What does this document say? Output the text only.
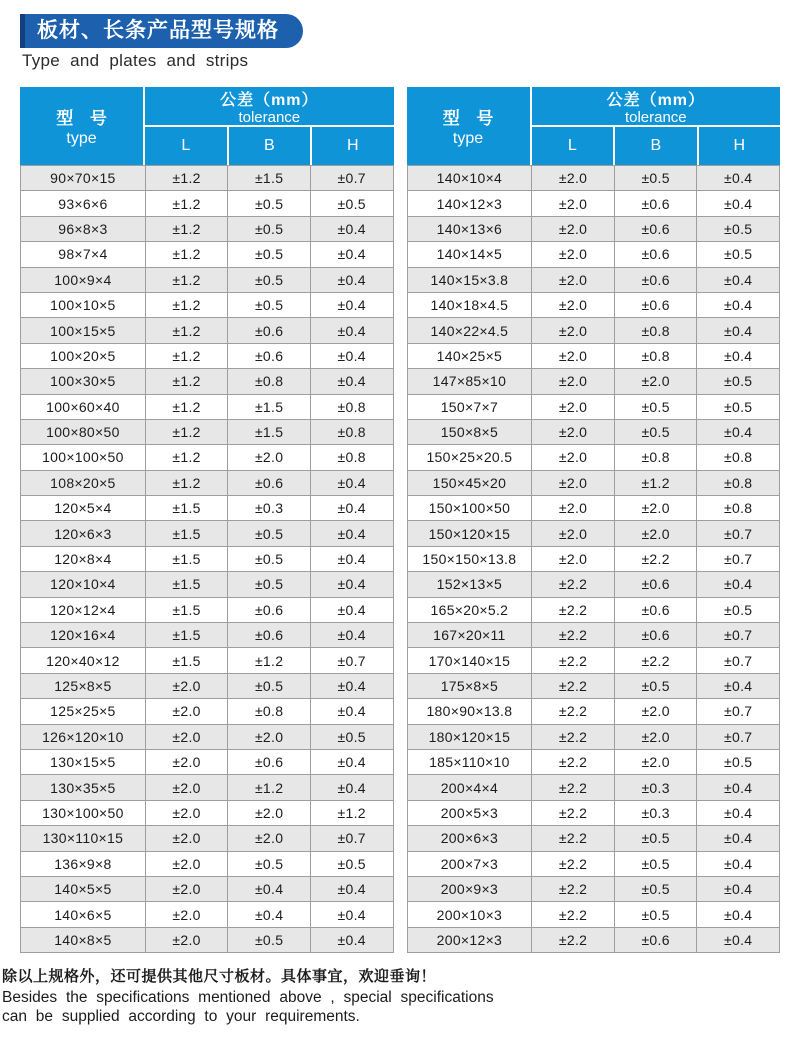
板材、长条产品型号规格
Type and plates and strips
型 号
type
公差（mm）
tolerance
L	B	H
90×70×15	±1.2	±1.5	±0.7
93×6×6	±1.2	±0.5	±0.5
96×8×3	±1.2	±0.5	±0.4
98×7×4	±1.2	±0.5	±0.4
100×9×4	±1.2	±0.5	±0.4
100×10×5	±1.2	±0.5	±0.4
100×15×5	±1.2	±0.6	±0.4
100×20×5	±1.2	±0.6	±0.4
100×30×5	±1.2	±0.8	±0.4
100×60×40	±1.2	±1.5	±0.8
100×80×50	±1.2	±1.5	±0.8
100×100×50	±1.2	±2.0	±0.8
108×20×5	±1.2	±0.6	±0.4
120×5×4	±1.5	±0.3	±0.4
120×6×3	±1.5	±0.5	±0.4
120×8×4	±1.5	±0.5	±0.4
120×10×4	±1.5	±0.5	±0.4
120×12×4	±1.5	±0.6	±0.4
120×16×4	±1.5	±0.6	±0.4
120×40×12	±1.5	±1.2	±0.7
125×8×5	±2.0	±0.5	±0.4
125×25×5	±2.0	±0.8	±0.4
126×120×10	±2.0	±2.0	±0.5
130×15×5	±2.0	±0.6	±0.4
130×35×5	±2.0	±1.2	±0.4
130×100×50	±2.0	±2.0	±1.2
130×110×15	±2.0	±2.0	±0.7
136×9×8	±2.0	±0.5	±0.5
140×5×5	±2.0	±0.4	±0.4
140×6×5	±2.0	±0.4	±0.4
140×8×5	±2.0	±0.5	±0.4
型 号
type
公差（mm）
tolerance
L	B	H
140×10×4	±2.0	±0.5	±0.4
140×12×3	±2.0	±0.6	±0.4
140×13×6	±2.0	±0.6	±0.5
140×14×5	±2.0	±0.6	±0.5
140×15×3.8	±2.0	±0.6	±0.4
140×18×4.5	±2.0	±0.6	±0.4
140×22×4.5	±2.0	±0.8	±0.4
140×25×5	±2.0	±0.8	±0.4
147×85×10	±2.0	±2.0	±0.5
150×7×7	±2.0	±0.5	±0.5
150×8×5	±2.0	±0.5	±0.4
150×25×20.5	±2.0	±0.8	±0.8
150×45×20	±2.0	±1.2	±0.8
150×100×50	±2.0	±2.0	±0.8
150×120×15	±2.0	±2.0	±0.7
150×150×13.8	±2.0	±2.2	±0.7
152×13×5	±2.2	±0.6	±0.4
165×20×5.2	±2.2	±0.6	±0.5
167×20×11	±2.2	±0.6	±0.7
170×140×15	±2.2	±2.2	±0.7
175×8×5	±2.2	±0.5	±0.4
180×90×13.8	±2.2	±2.0	±0.7
180×120×15	±2.2	±2.0	±0.7
185×110×10	±2.2	±2.0	±0.5
200×4×4	±2.2	±0.3	±0.4
200×5×3	±2.2	±0.3	±0.4
200×6×3	±2.2	±0.5	±0.4
200×7×3	±2.2	±0.5	±0.4
200×9×3	±2.2	±0.5	±0.4
200×10×3	±2.2	±0.5	±0.4
200×12×3	±2.2	±0.6	±0.4
除以上规格外，还可提供其他尺寸板材。具体事宜，欢迎垂询！
Besides the specifications mentioned above , special specifications
can be supplied according to your requirements.
